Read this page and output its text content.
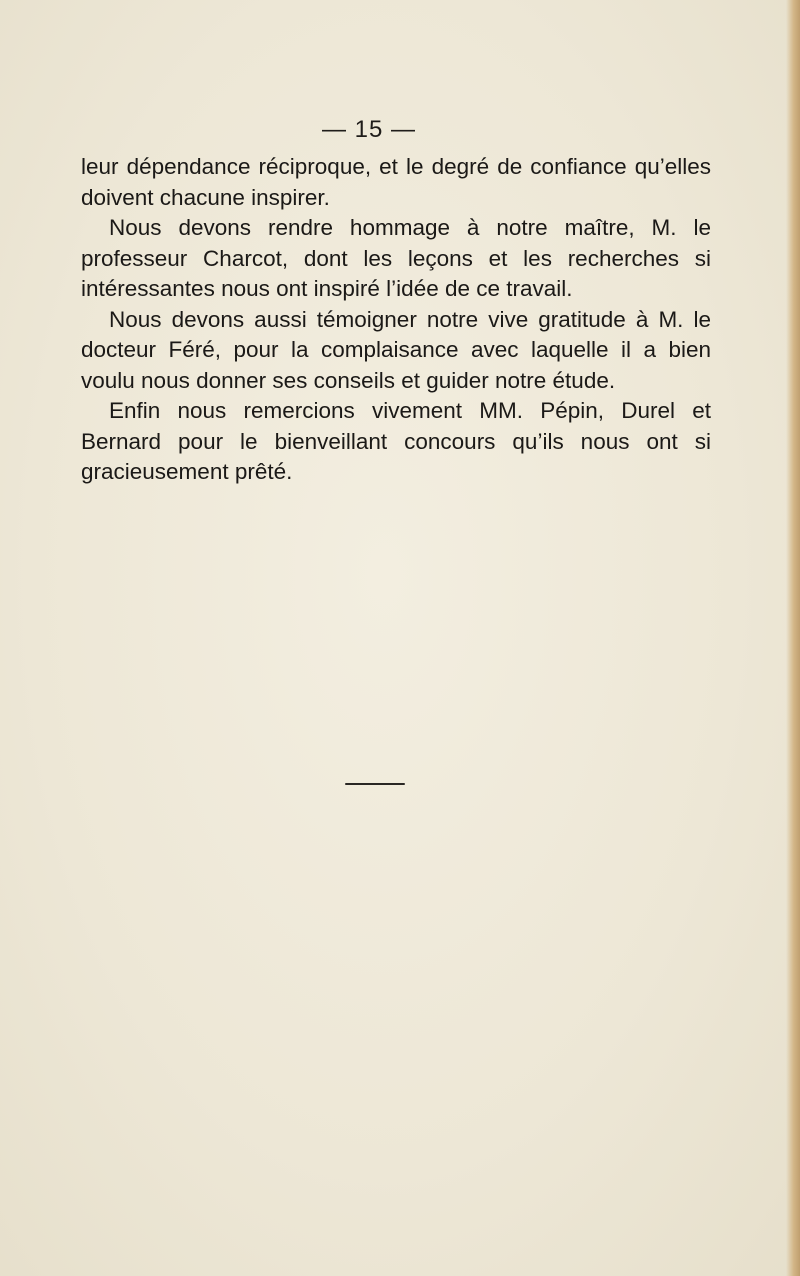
— 15 —

leur dépendance réciproque, et le degré de confiance qu’elles doivent chacune inspirer.

Nous devons rendre hommage à notre maître, M. le professeur Charcot, dont les leçons et les recherches si intéressantes nous ont inspiré l’idée de ce travail.

Nous devons aussi témoigner notre vive gratitude à M. le docteur Féré, pour la complaisance avec laquelle il a bien voulu nous donner ses conseils et guider notre étude.

Enfin nous remercions vivement MM. Pépin, Durel et Bernard pour le bienveillant concours qu’ils nous ont si gracieusement prêté.
